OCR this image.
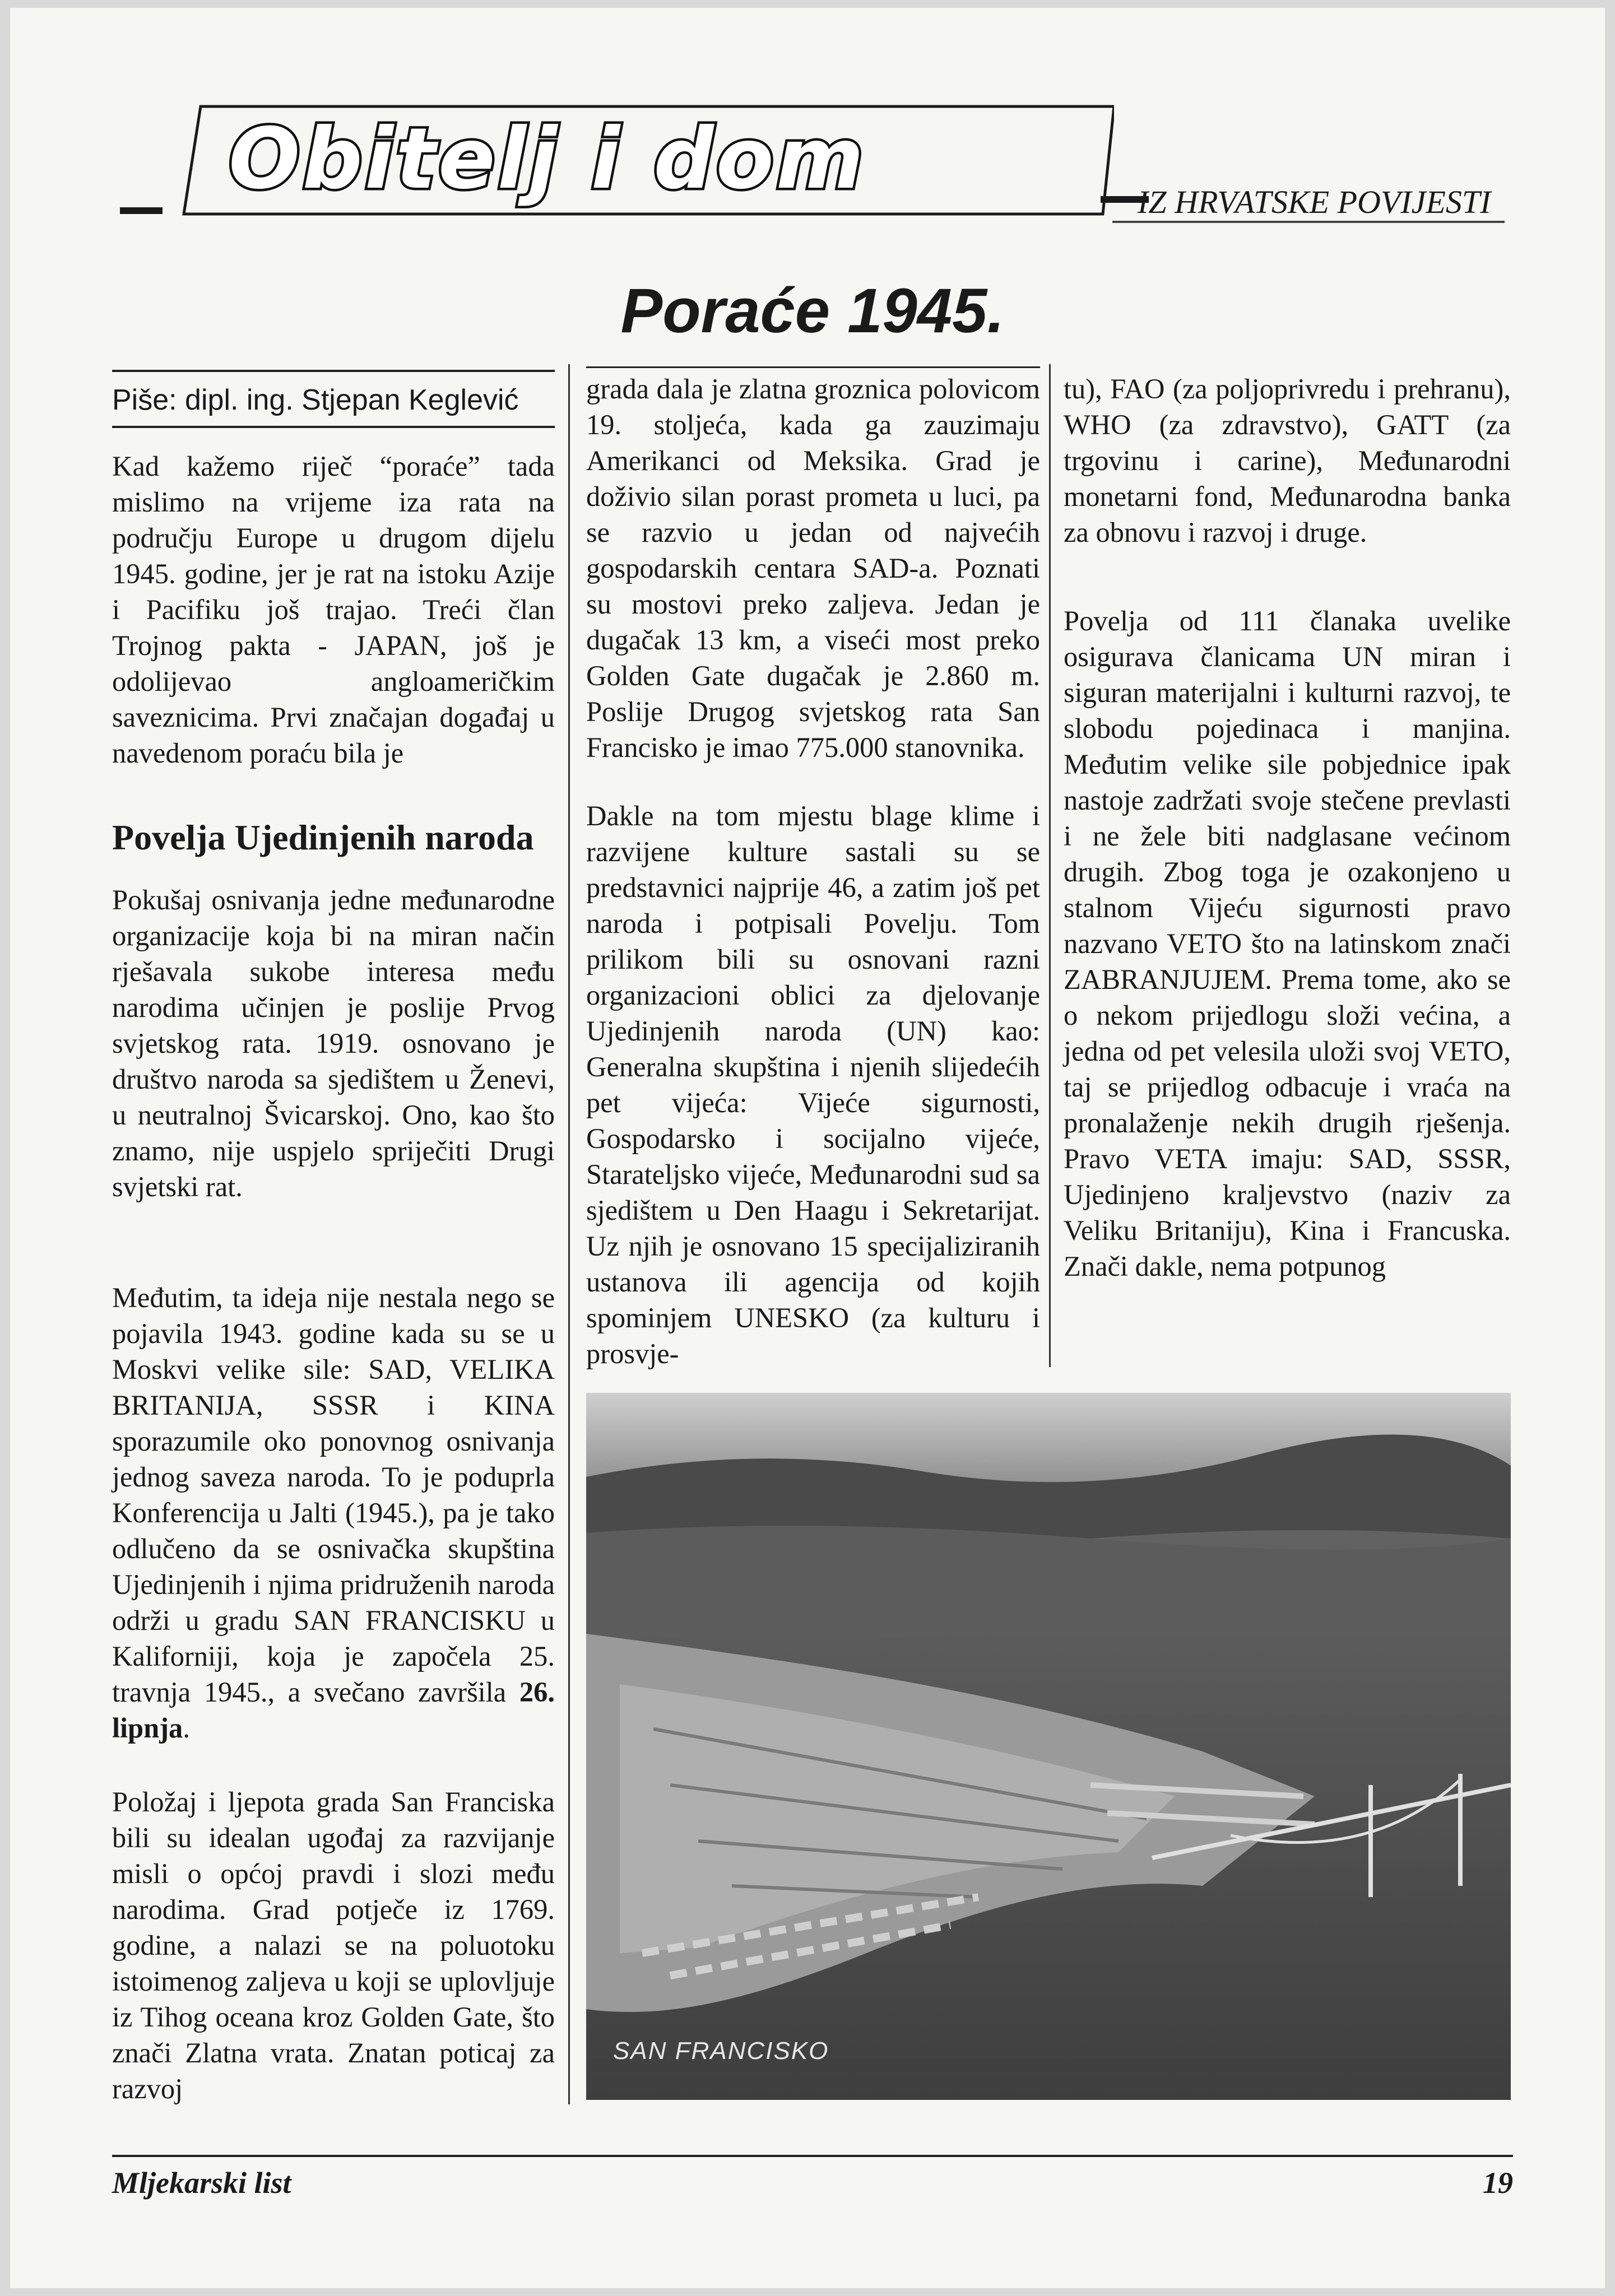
Obitelj i dom	IZ HRVATSKE POVIJESTI
Poraće 1945.
Piše: dipl. ing. Stjepan Keglević

Kad kažemo riječ “poraće” tada mislimo na vrijeme iza rata na području Europe u drugom dijelu 1945. godine, jer je rat na istoku Azije i Pacifiku još trajao. Treći član Trojnog pakta - JAPAN, još je odolijevao angloameričkim saveznicima. Prvi značajan događaj u navedenom poraću bila je

Povelja Ujedinjenih naroda

Pokušaj osnivanja jedne međunarodne organizacije koja bi na miran način rješavala sukobe interesa među narodima učinjen je poslije Prvog svjetskog rata. 1919. osnovano je društvo naroda sa sjedištem u Ženevi, u neutralnoj Švicarskoj. Ono, kao što znamo, nije uspjelo spriječiti Drugi svjetski rat.

Međutim, ta ideja nije nestala nego se pojavila 1943. godine kada su se u Moskvi velike sile: SAD, VELIKA BRITANIJA, SSSR i KINA sporazumile oko ponovnog osnivanja jednog saveza naroda. To je poduprla Konferencija u Jalti (1945.), pa je tako odlučeno da se osnivačka skupština Ujedinjenih i njima pridruženih naroda održi u gradu SAN FRANCISKU u Kaliforniji, koja je započela 25. travnja 1945., a svečano završila 26. lipnja.

Položaj i ljepota grada San Franciska bili su idealan ugođaj za razvijanje misli o općoj pravdi i slozi među narodima. Grad potječe iz 1769. godine, a nalazi se na poluotoku istoimenog zaljeva u koji se uplovljuje iz Tihog oceana kroz Golden Gate, što znači Zlatna vrata. Znatan poticaj za razvoj

grada dala je zlatna groznica polovicom 19. stoljeća, kada ga zauzimaju Amerikanci od Meksika. Grad je doživio silan porast prometa u luci, pa se razvio u jedan od najvećih gospodarskih centara SAD-a. Poznati su mostovi preko zaljeva. Jedan je dugačak 13 km, a viseći most preko Golden Gate dugačak je 2.860 m. Poslije Drugog svjetskog rata San Francisko je imao 775.000 stanovnika.

Dakle na tom mjestu blage klime i razvijene kulture sastali su se predstavnici najprije 46, a zatim još pet naroda i potpisali Povelju. Tom prilikom bili su osnovani razni organizacioni oblici za djelovanje Ujedinjenih naroda (UN) kao: Generalna skupština i njenih slijedećih pet vijeća: Vijeće sigurnosti, Gospodarsko i socijalno vijeće, Starateljsko vijeće, Međunarodni sud sa sjedištem u Den Haagu i Sekretarijat. Uz njih je osnovano 15 specijaliziranih ustanova ili agencija od kojih spominjem UNESKO (za kulturu i prosvje-

tu), FAO (za poljoprivredu i prehranu), WHO (za zdravstvo), GATT (za trgovinu i carine), Međunarodni monetarni fond, Međunarodna banka za obnovu i razvoj i druge.

Povelja od 111 članaka uvelike osigurava članicama UN miran i siguran materijalni i kulturni razvoj, te slobodu pojedinaca i manjina. Međutim velike sile pobjednice ipak nastoje zadržati svoje stečene prevlasti i ne žele biti nadglasane većinom drugih. Zbog toga je ozakonjeno u stalnom Vijeću sigurnosti pravo nazvano VETO što na latinskom znači ZABRANJUJEM. Prema tome, ako se o nekom prijedlogu složi većina, a jedna od pet velesila uloži svoj VETO, taj se prijedlog odbacuje i vraća na pronalaženje nekih drugih rješenja. Pravo VETA imaju: SAD, SSSR, Ujedinjeno kraljevstvo (naziv za Veliku Britaniju), Kina i Francuska. Znači dakle, nema potpunog

SAN FRANCISKO
Mljekarski list	19
